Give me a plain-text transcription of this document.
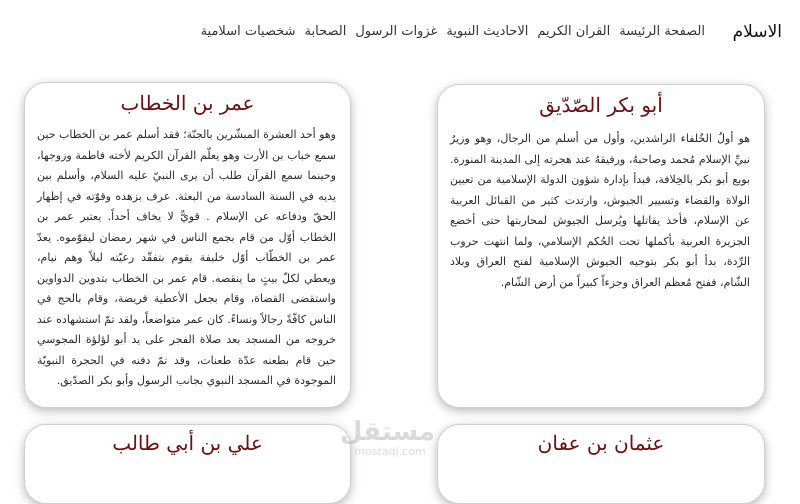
الاسلام
الصفحة الرئيسة
القران الكريم
الاحاديث النبوية
غزوات الرسول
الصحابة
شخصيات اسلامية
أبو بكر الصّدّيق

هو أولُ الخُلفاء الراشدين، وأول من أسلم من الرجال، وهو وزيرُ نبيِّ الإسلام مُحمد وصاحبهُ، ورفيقهُ عند هجرته إلى المدينة المنورة. بويع أبو بكر بالخِلافة، فبدأ بإدارة شؤون الدولة الإسلامية من تعيين الولاة والقضاء وتسيير الجيوش، وارتدت كثير من القبائل العربية عن الإسلام، فأخذ يقاتلها ويُرسل الجيوش لمحاربتها حتى أخضع الجزيرة العربية بأكملها تحت الحُكم الإسلامي، ولما انتهت حروب الرِّدة، بدأ أبو بكر بتوجيه الجيوش الإسلامية لفتح العراق وبلاد الشّام، ففتح مُعظم العراق وجزءاً كبيراً من أرض الشّام.

عمر بن الخطاب

وهو أحد العشرة المبشّرين بالجنّة؛ فقد أسلم عمر بن الخطاب حين سمع خباب بن الأرت وهو يعلّم القرآن الكريم لأخته فاطمة وزوجها، وحينما سمع القرآن طلب أن يرى النبيّ عليه السلام، وأسلم بين يديه في السنة السادسة من البعثة. عرف بزهده وقوّته في إظهار الحقّ ودفاعه عن الإسلام . قويٌّ لا يخاف أحداً. يعتبر عمر بن الخطاب أوّل من قام بجمع الناس في شهر رمضان ليقوّموه. يعدّ عمر بن الخطّاب أوّل خليفة يقوم بتفقّد رعيّته ليلاً وهم نيام، ويعطي لكلّ بيتٍ ما ينقصه. قام عمر بن الخطاب بتدوين الدواوين واستقضى القضاة، وقام بجعل الأعطية فريضة، وقام بالحج في الناس كافّةً رجالاً ونساءً. كان عمر متواضعاً، ولقد تمّ استشهاده عند خروجه من المسجد بعد صلاة الفجر على يد أبو لؤلؤة المجوسي حين قام بطعنه عدّة طعنات، وقد تمّ دفنه في الحجرة النبويّة الموجودة في المسجد النبوي بجانب الرسول وأبو بكر الصدّيق.

عثمان بن عفان
علي بن أبي طالب	مستقل
mostaql.com
